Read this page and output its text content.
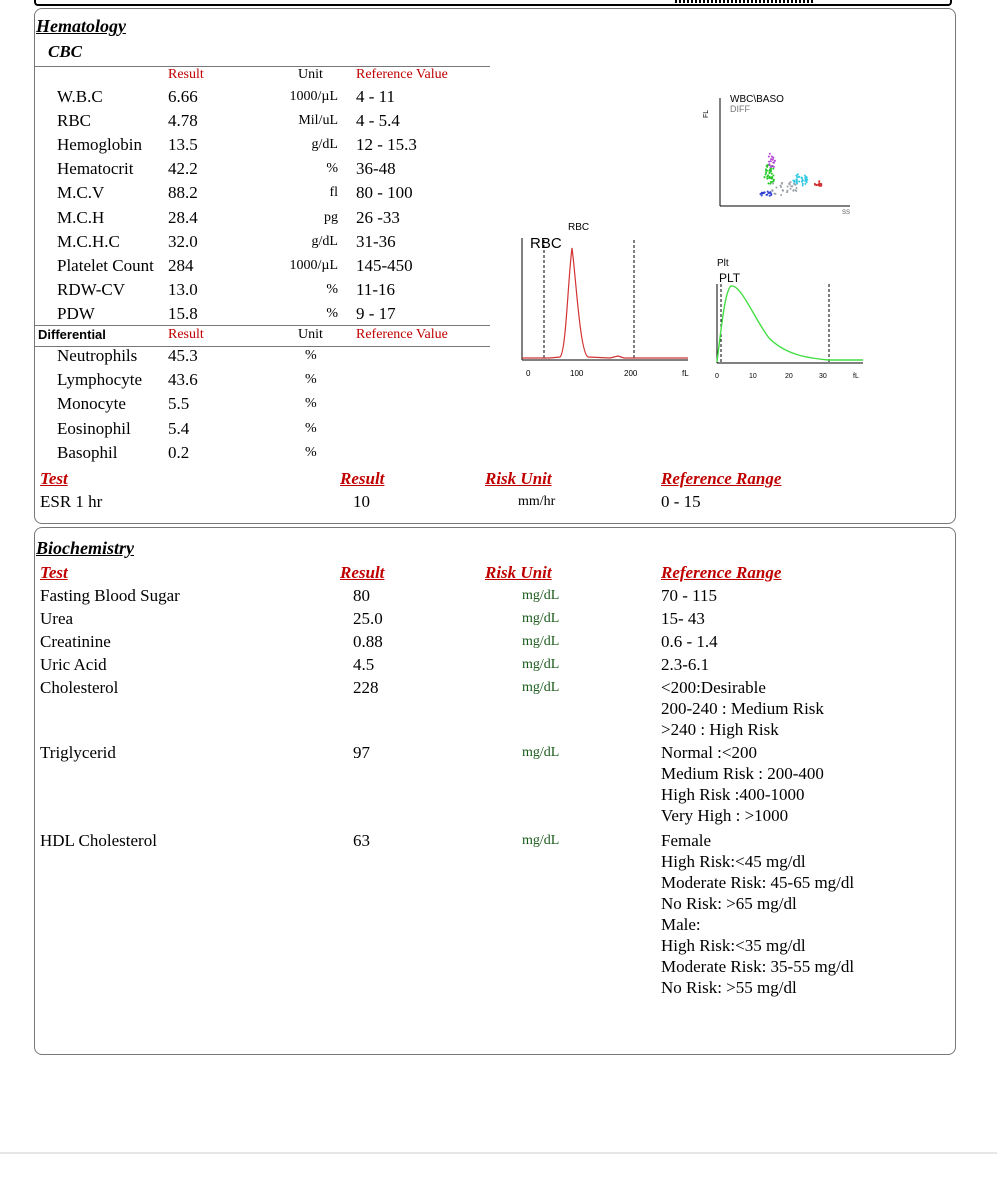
Hematology
CBC
Result	Unit Reference Value
W.B.C	6.66	1000/µL 4 - 11
RBC	4.78	Mil/uL 4 - 5.4
Hemoglobin 13.5	g/dL 12 - 15.3
Hematocrit 42.2	% 36-48
M.C.V	88.2	fl 80 - 100
M.C.H	28.4	pg 26 -33
M.C.H.C	32.0	g/dL 31-36
Platelet Count 284	1000/µL 145-450
RDW-CV	13.0	% 11-16
PDW	15.8	% 9 - 17
Differential	Result	Unit Reference Value
Neutrophils 45.3	%
Lymphocyte 43.6	%
Monocyte 5.5	%
Eosinophil 5.4	%
Basophil	0.2	%
Test	Result	Risk Unit	Reference Range
ESR 1 hr	10	mm/hr	0 - 15
WBC\BASO
DIFF
FL
SS
RBC
RBC
0	100	200	fL
Plt
PLT
0	10	20	30	fL
Biochemistry
Test	Result	Risk Unit	Reference Range
Fasting Blood Sugar	80	mg/dL	70 - 115
Urea	25.0	mg/dL	15- 43
Creatinine	0.88	mg/dL	0.6 - 1.4
Uric Acid	4.5	mg/dL	2.3-6.1
Cholesterol	228	mg/dL	<200:Desirable
200-240 : Medium Risk
>240 : High Risk
Triglycerid	97	mg/dL	Normal :<200
Medium Risk : 200-400
High Risk :400-1000
Very High : >1000
HDL Cholesterol	63	mg/dL	Female
High Risk:<45 mg/dl
Moderate Risk: 45-65 mg/dl
No Risk: >65 mg/dl
Male:
High Risk:<35 mg/dl
Moderate Risk: 35-55 mg/dl
No Risk: >55 mg/dl
